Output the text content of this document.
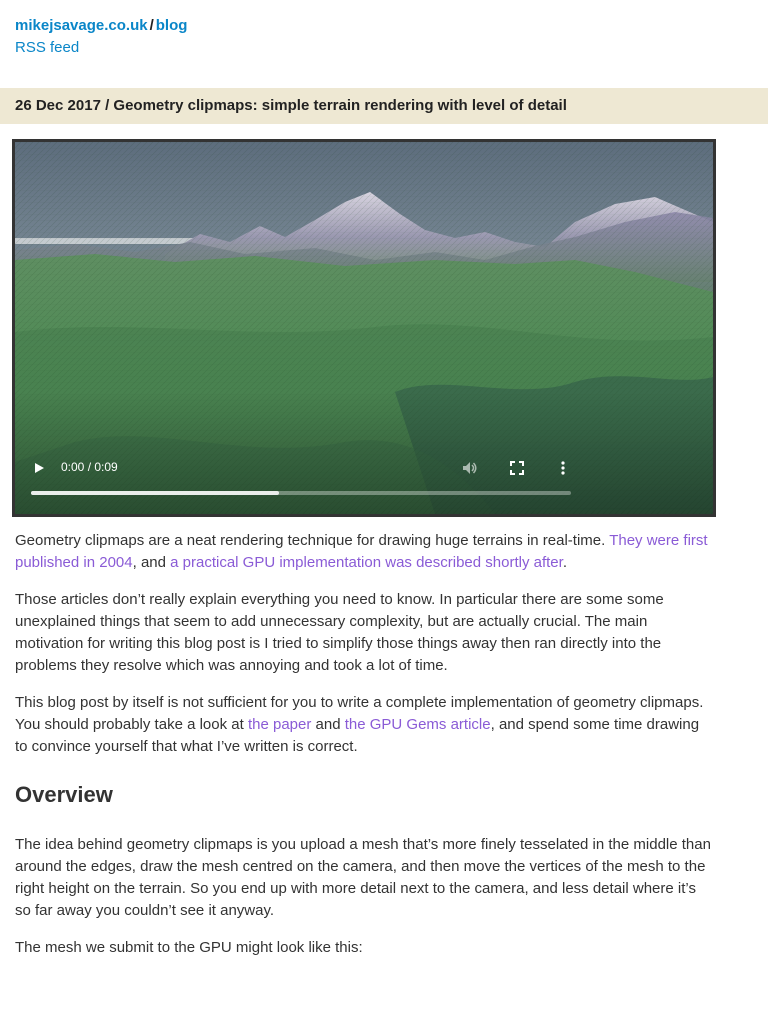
mikejsavage.co.uk / blog
RSS feed
26 Dec 2017 / Geometry clipmaps: simple terrain rendering with level of detail
0:00 / 0:09

Geometry clipmaps are a neat rendering technique for drawing huge terrains in real-time. They were first published in 2004, and a practical GPU implementation was described shortly after.

Those articles don’t really explain everything you need to know. In particular there are some some unexplained things that seem to add unnecessary complexity, but are actually crucial. The main motivation for writing this blog post is I tried to simplify those things away then ran directly into the problems they resolve which was annoying and took a lot of time.

This blog post by itself is not sufficient for you to write a complete implementation of geometry clipmaps. You should probably take a look at the paper and the GPU Gems article, and spend some time drawing to convince yourself that what I’ve written is correct.

Overview

The idea behind geometry clipmaps is you upload a mesh that’s more finely tesselated in the middle than around the edges, draw the mesh centred on the camera, and then move the vertices of the mesh to the right height on the terrain. So you end up with more detail next to the camera, and less detail where it’s so far away you couldn’t see it anyway.

The mesh we submit to the GPU might look like this:
